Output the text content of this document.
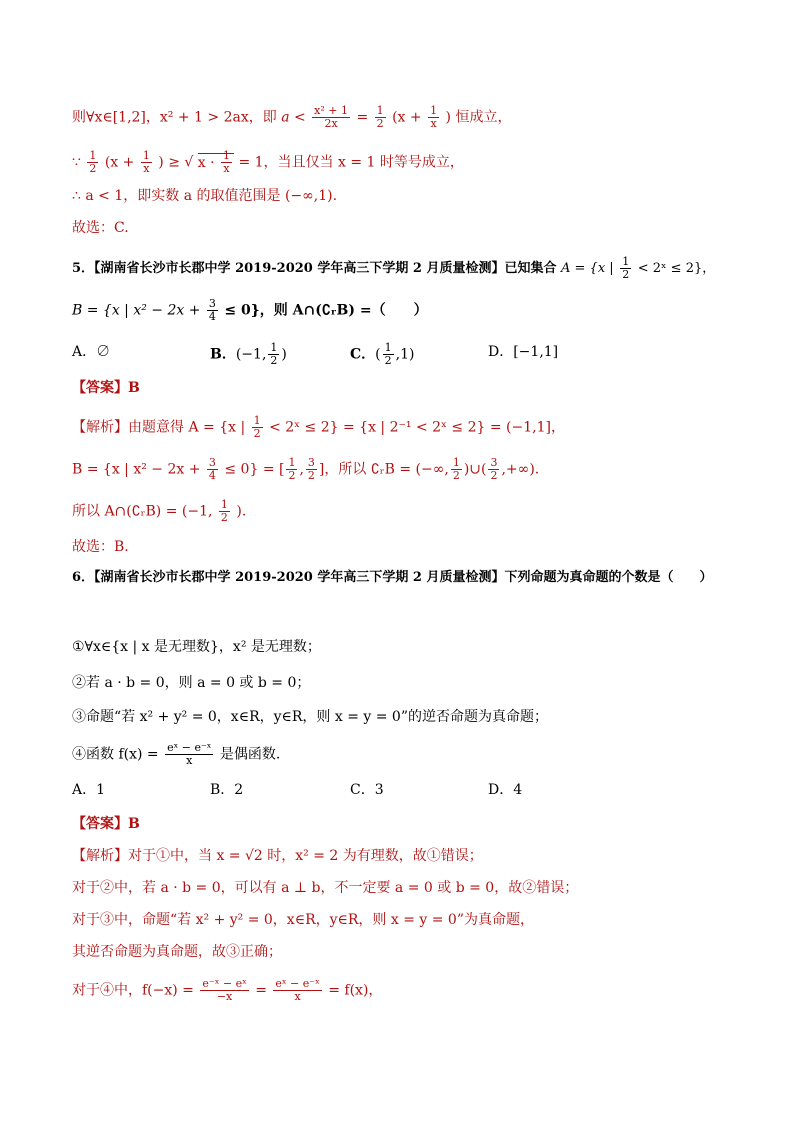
则∀x∈[1,2]，x² + 1 > 2ax，即 $a < \frac{\text{x² + 1}}{2x} = \frac{1}{2} (x + \frac{1}{x}$ ) 恒成立，
∵ $\frac{1}{2} (x + \frac{1}{x}$ ) ≥ √ $x \cdot \frac{1}{x} = 1$，当且仅当 x = 1 时等号成立，
∴ a < 1，即实数 a 的取值范围是 (−∞,1).
故选：C.
5．【湖南省长沙市长郡中学 2019-2020 学年高三下学期 2 月质量检测】已知集合 A = {x | $\frac{1}{2}$ < 2ˣ ≤ 2}，
B = {x | $x^2 - 2x + \frac{3}{4} \le 0$}，则 A∩(∁ᵣB) =（　　）
A．∅	B．(−1, $\frac{1}{2}$ )	C．( $\frac{1}{2} ,1$)	D．[−1,1]
【答案】B
【解析】由题意得 A = {x | $\frac{1}{2}$ < 2ˣ ≤ 2} = {x | 2⁻¹ < 2ˣ ≤ 2} = (−1,1]，
B = {x | $x^2 - 2x + \frac{3}{4} \le 0$} = [ $\frac{1}{2}$ , $\frac{3}{2}$ ]，所以 ∁ᵣB = (−∞, $\frac{1}{2}$ )∪( $\frac{3}{2}$ ,+∞).
所以 A∩(∁ᵣB) = (−1, $\frac{1}{2}$ ).
故选：B.
6．【湖南省长沙市长郡中学 2019-2020 学年高三下学期 2 月质量检测】下列命题为真命题的个数是（　　）
①∀x∈{x | x 是无理数}，x² 是无理数；
②若 a · b = 0，则 a = 0 或 b = 0；
③命题“若 x² + y² = 0，x∈R，y∈R，则 x = y = 0”的逆否命题为真命题；
④函数 $f(x) = \frac{\text{eˣ − e⁻ˣ}}{x}$ 是偶函数.
A．1	B．2	C．3	D．4
【答案】B
【解析】对于①中，当 x = √2 时，x² = 2 为有理数，故①错误；
对于②中，若 a · b = 0，可以有 a ⊥ b，不一定要 a = 0 或 b = 0，故②错误；
对于③中，命题“若 x² + y² = 0，x∈R，y∈R，则 x = y = 0”为真命题，
其逆否命题为真命题，故③正确；
对于④中，$f(-x) = \frac{\text{e⁻ˣ − eˣ}}{-x} = \frac{\text{eˣ − e⁻ˣ}}{x} = f(x)$，
